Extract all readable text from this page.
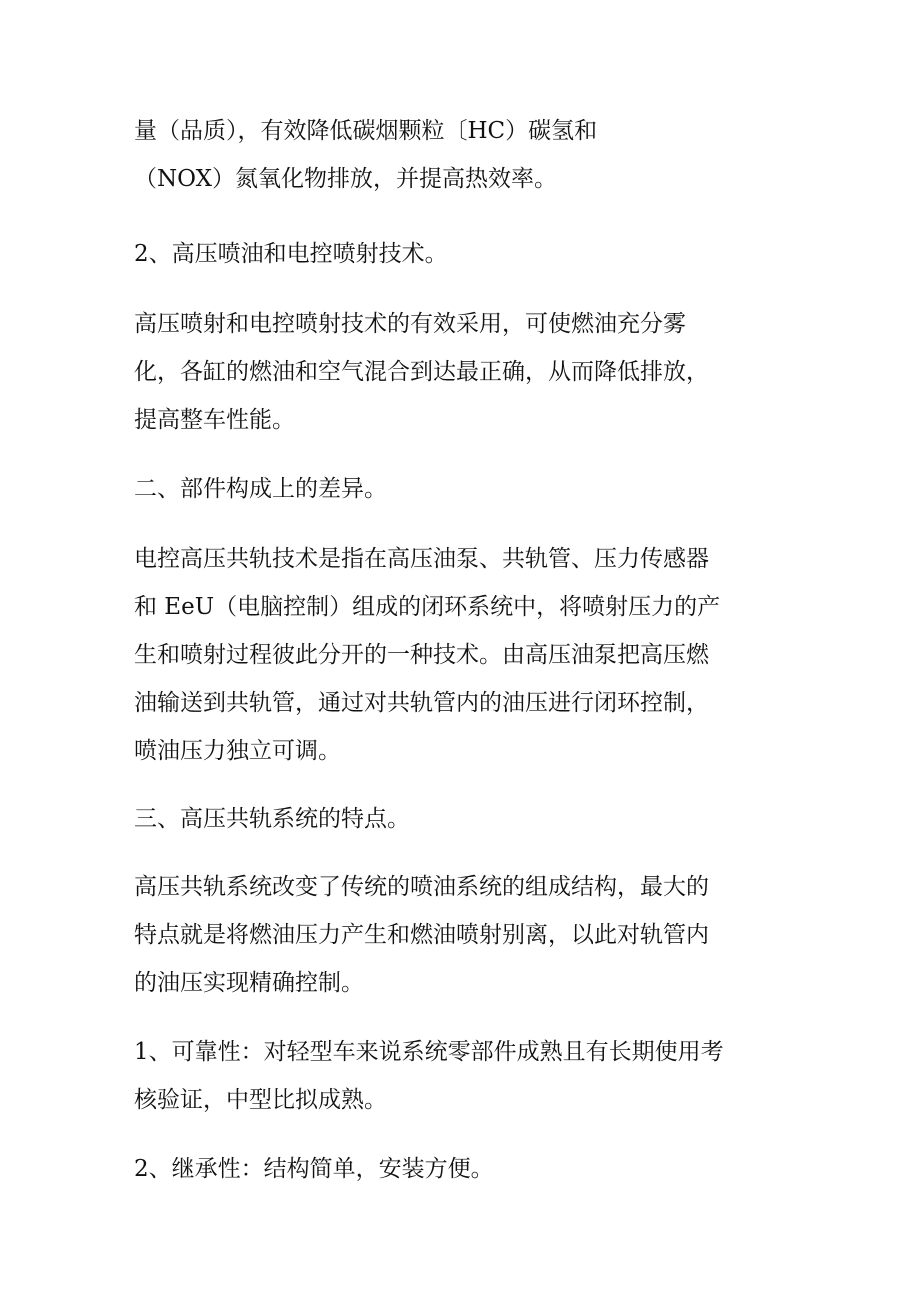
量（品质），有效降低碳烟颗粒〔HC）碳氢和
（NOX）氮氧化物排放，并提高热效率。
2、高压喷油和电控喷射技术。
高压喷射和电控喷射技术的有效采用，可使燃油充分雾
化，各缸的燃油和空气混合到达最正确，从而降低排放，
提高整车性能。
二、部件构成上的差异。
电控高压共轨技术是指在高压油泵、共轨管、压力传感器
和 EeU（电脑控制）组成的闭环系统中，将喷射压力的产
生和喷射过程彼此分开的一种技术。由高压油泵把高压燃
油输送到共轨管，通过对共轨管内的油压进行闭环控制，
喷油压力独立可调。
三、高压共轨系统的特点。
高压共轨系统改变了传统的喷油系统的组成结构，最大的
特点就是将燃油压力产生和燃油喷射别离，以此对轨管内
的油压实现精确控制。
1、可靠性：对轻型车来说系统零部件成熟且有长期使用考
核验证，中型比拟成熟。
2、继承性：结构简单，安装方便。
